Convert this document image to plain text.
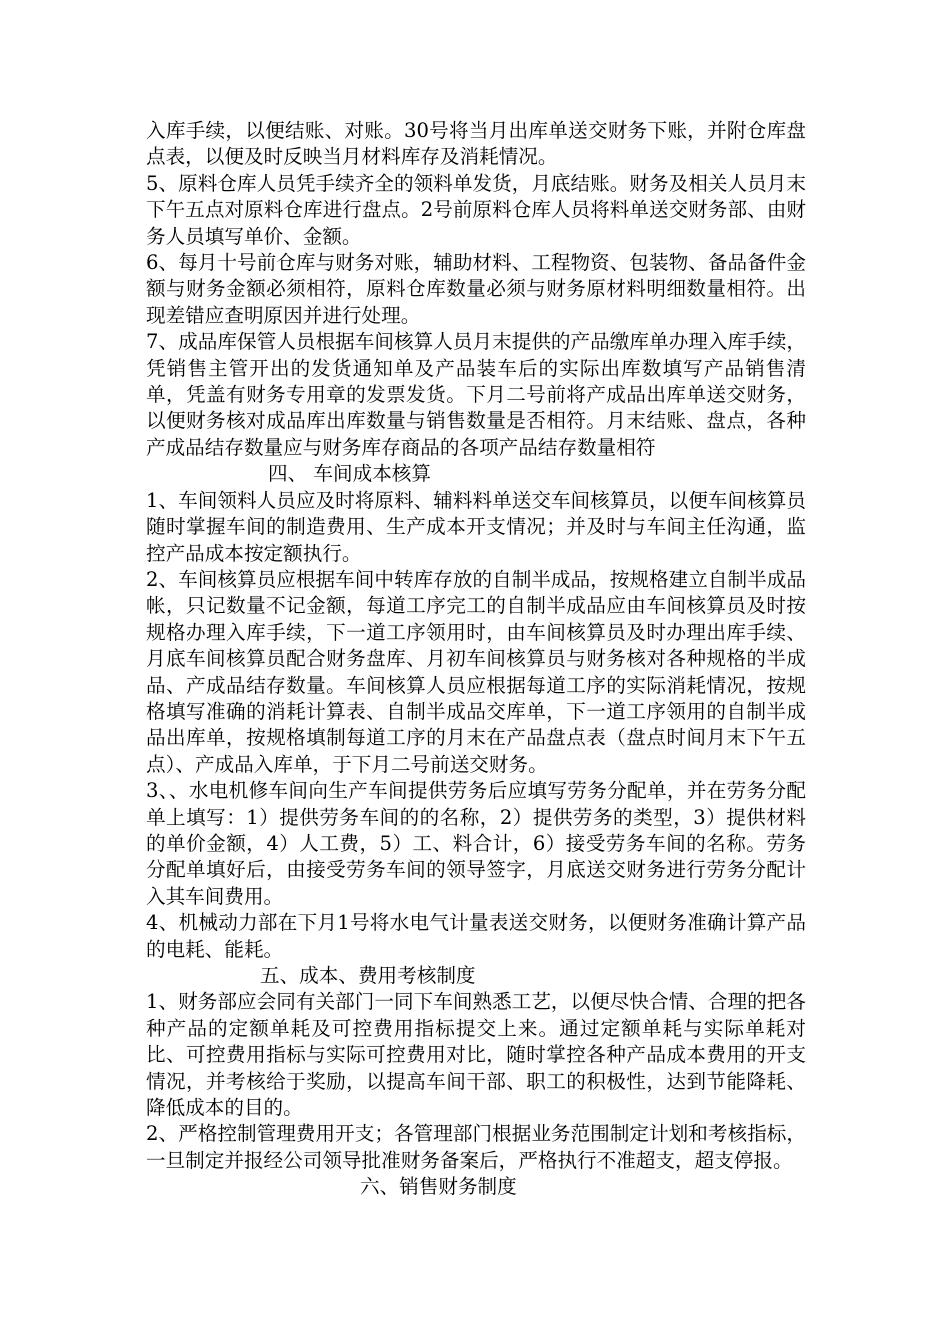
入库手续，以便结账、对账。30号将当月出库单送交财务下账，并附仓库盘点表，以便及时反映当月材料库存及消耗情况。

5、原料仓库人员凭手续齐全的领料单发货，月底结账。财务及相关人员月末下午五点对原料仓库进行盘点。2号前原料仓库人员将料单送交财务部、由财务人员填写单价、金额。

6、每月十号前仓库与财务对账，辅助材料、工程物资、包装物、备品备件金额与财务金额必须相符，原料仓库数量必须与财务原材料明细数量相符。出现差错应查明原因并进行处理。

7、成品库保管人员根据车间核算人员月末提供的产品缴库单办理入库手续，凭销售主管开出的发货通知单及产品装车后的实际出库数填写产品销售清单，凭盖有财务专用章的发票发货。下月二号前将产成品出库单送交财务，以便财务核对成品库出库数量与销售数量是否相符。月末结账、盘点，各种产成品结存数量应与财务库存商品的各项产品结存数量相符

四、 车间成本核算

1、车间领料人员应及时将原料、辅料料单送交车间核算员，以便车间核算员随时掌握车间的制造费用、生产成本开支情况；并及时与车间主任沟通，监控产品成本按定额执行。

2、车间核算员应根据车间中转库存放的自制半成品，按规格建立自制半成品帐，只记数量不记金额，每道工序完工的自制半成品应由车间核算员及时按规格办理入库手续，下一道工序领用时，由车间核算员及时办理出库手续、月底车间核算员配合财务盘库、月初车间核算员与财务核对各种规格的半成品、产成品结存数量。车间核算人员应根据每道工序的实际消耗情况，按规格填写准确的消耗计算表、自制半成品交库单，下一道工序领用的自制半成品出库单，按规格填制每道工序的月末在产品盘点表（盘点时间月末下午五点）、产成品入库单，于下月二号前送交财务。

3、、水电机修车间向生产车间提供劳务后应填写劳务分配单，并在劳务分配单上填写：1）提供劳务车间的的名称，2）提供劳务的类型，3）提供材料的单价金额，4）人工费，5）工、料合计，6）接受劳务车间的名称。劳务分配单填好后，由接受劳务车间的领导签字，月底送交财务进行劳务分配计入其车间费用。

4、机械动力部在下月1号将水电气计量表送交财务，以便财务准确计算产品的电耗、能耗。

五、成本、费用考核制度

1、财务部应会同有关部门一同下车间熟悉工艺，以便尽快合情、合理的把各种产品的定额单耗及可控费用指标提交上来。通过定额单耗与实际单耗对比、可控费用指标与实际可控费用对比，随时掌控各种产品成本费用的开支情况，并考核给于奖励，以提高车间干部、职工的积极性，达到节能降耗、降低成本的目的。

2、严格控制管理费用开支；各管理部门根据业务范围制定计划和考核指标，一旦制定并报经公司领导批准财务备案后，严格执行不准超支，超支停报。

六、销售财务制度
